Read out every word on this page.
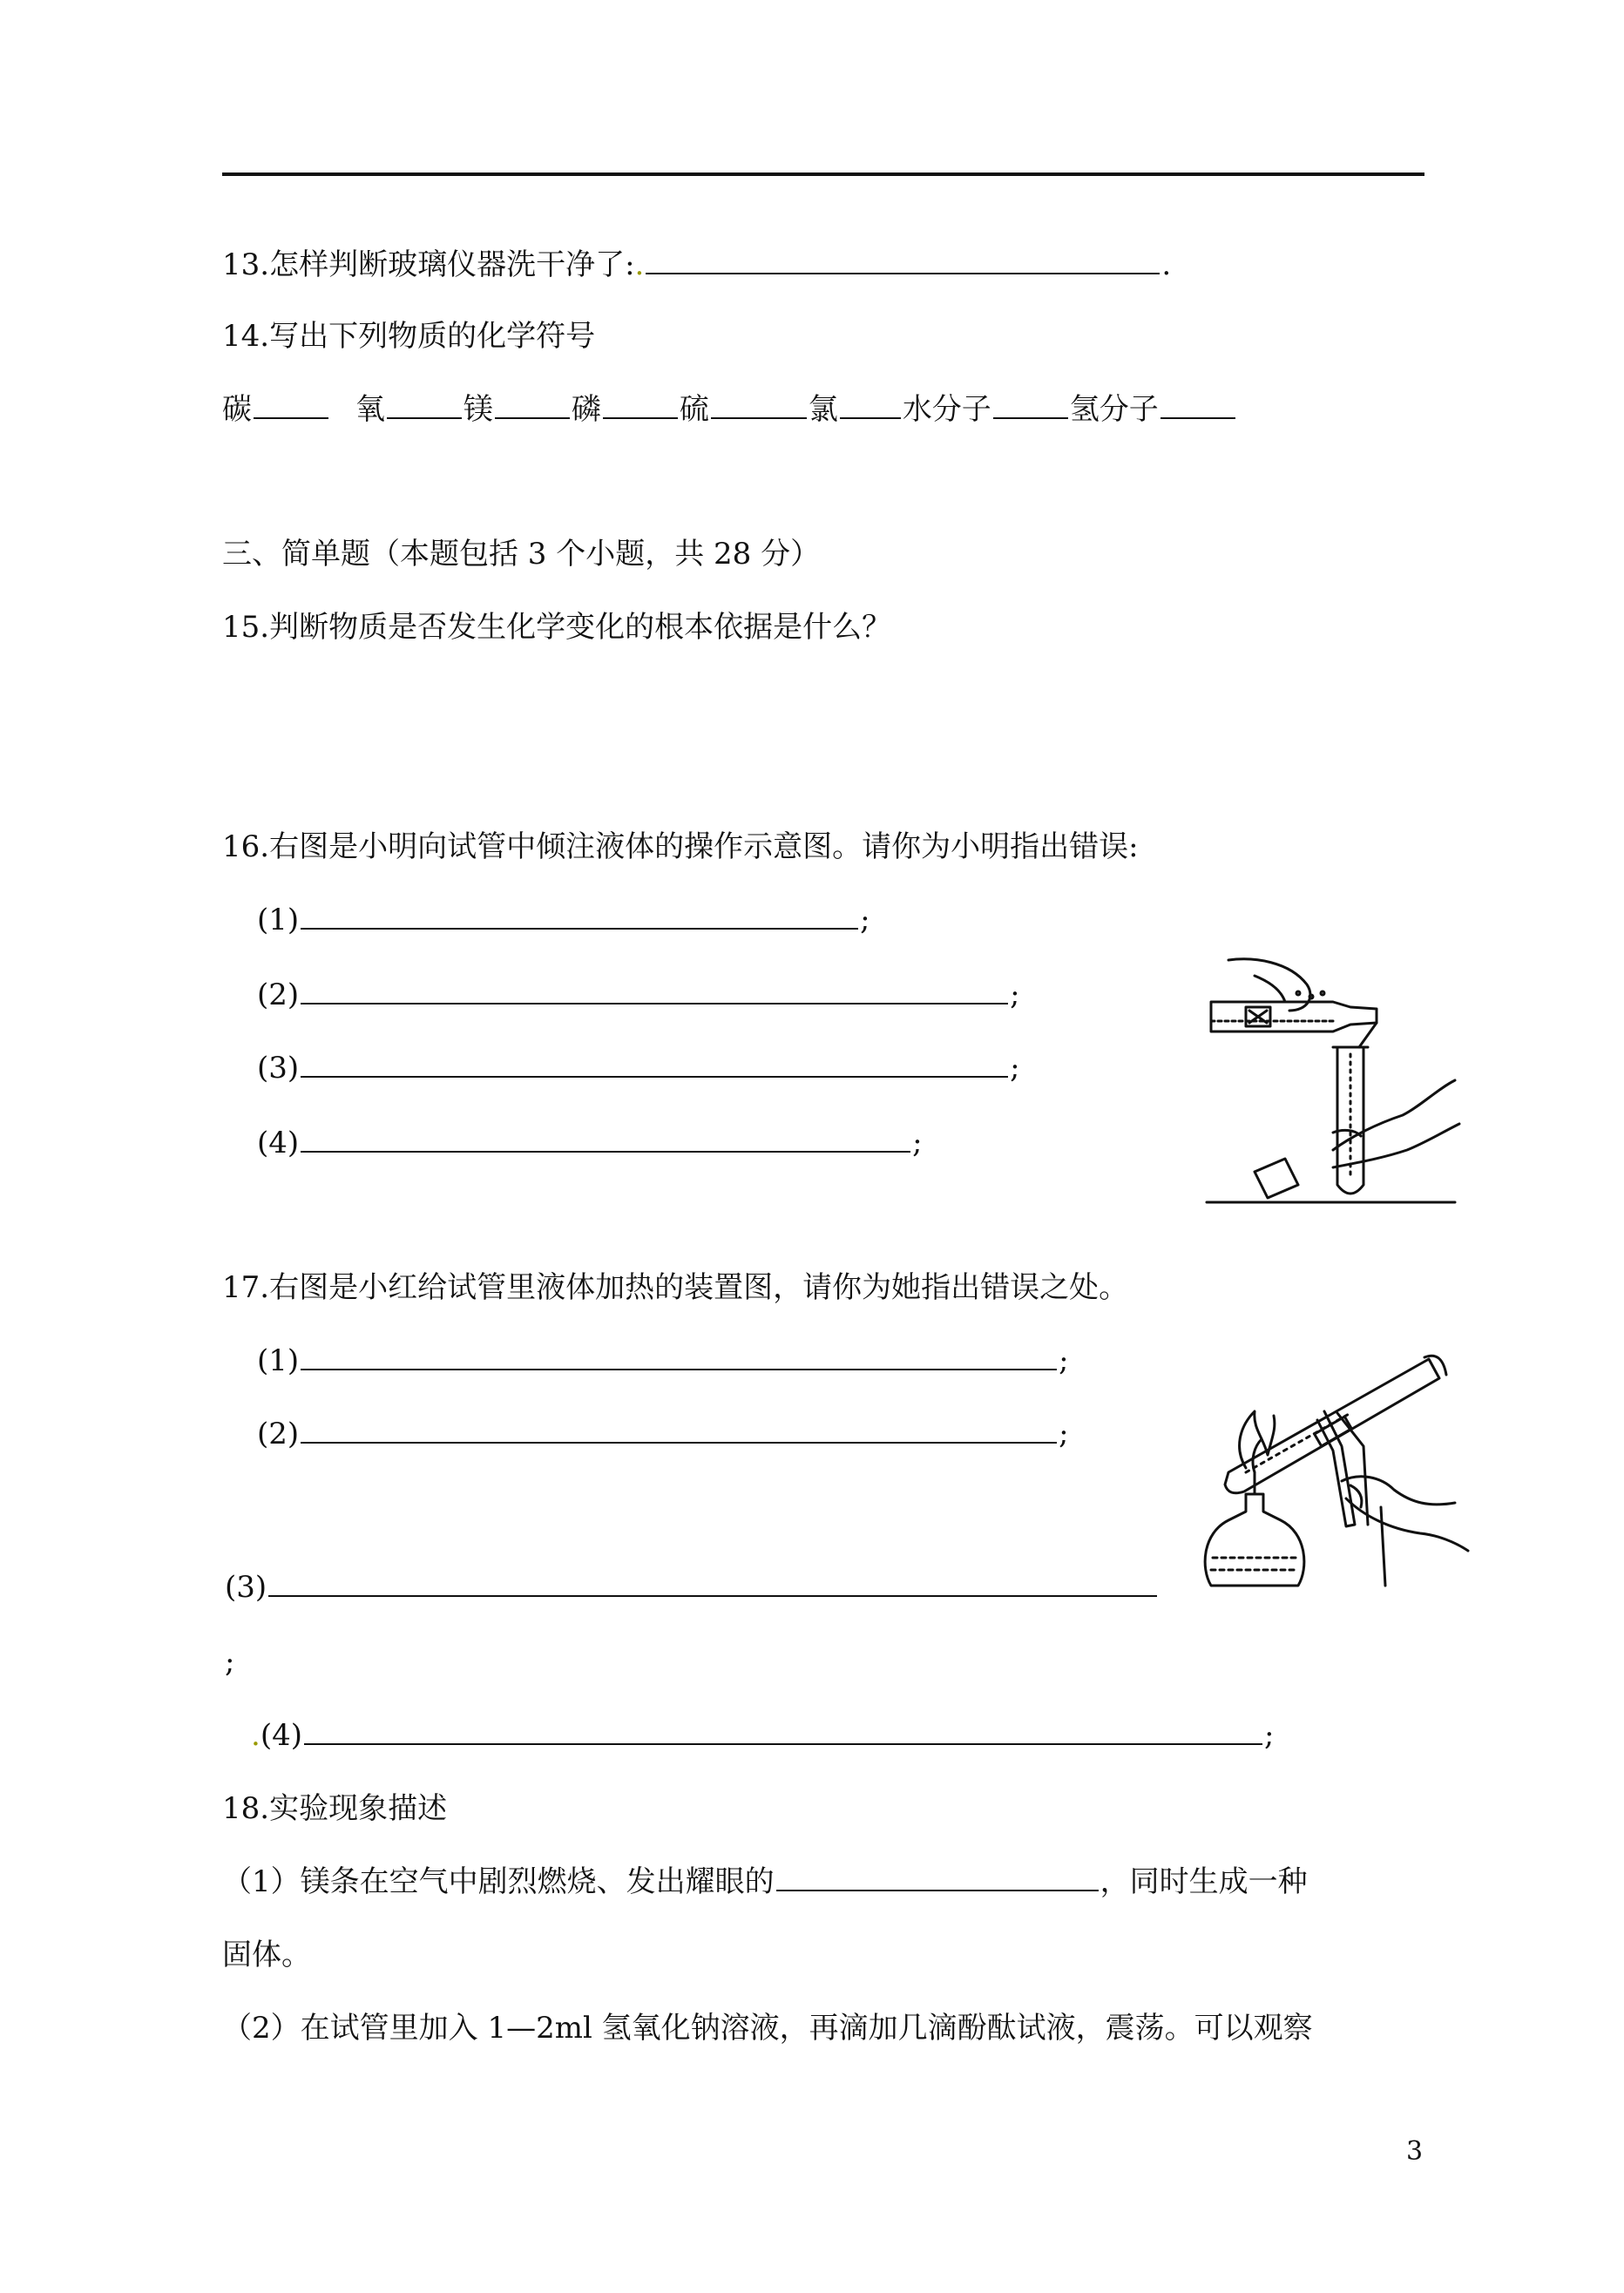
13.怎样判断玻璃仪器洗干净了:.	.
14.写出下列物质的化学符号
碳	氧	镁	磷	硫	氯 水分子	氢分子
三、简单题（本题包括 3 个小题，共 28 分）
15.判断物质是否发生化学变化的根本依据是什么？
16.右图是小明向试管中倾注液体的操作示意图。请你为小明指出错误:
(1)	;
(2)	;
(3)	;
(4)	;
17.右图是小红给试管里液体加热的装置图，请你为她指出错误之处。
(1)	;
(2)	;
(3)
;
.(4)	;
18.实验现象描述
（1）镁条在空气中剧烈燃烧、发出耀眼的	，同时生成一种
固体。
（2）在试管里加入 1—2ml 氢氧化钠溶液，再滴加几滴酚酞试液，震荡。可以观察
3
